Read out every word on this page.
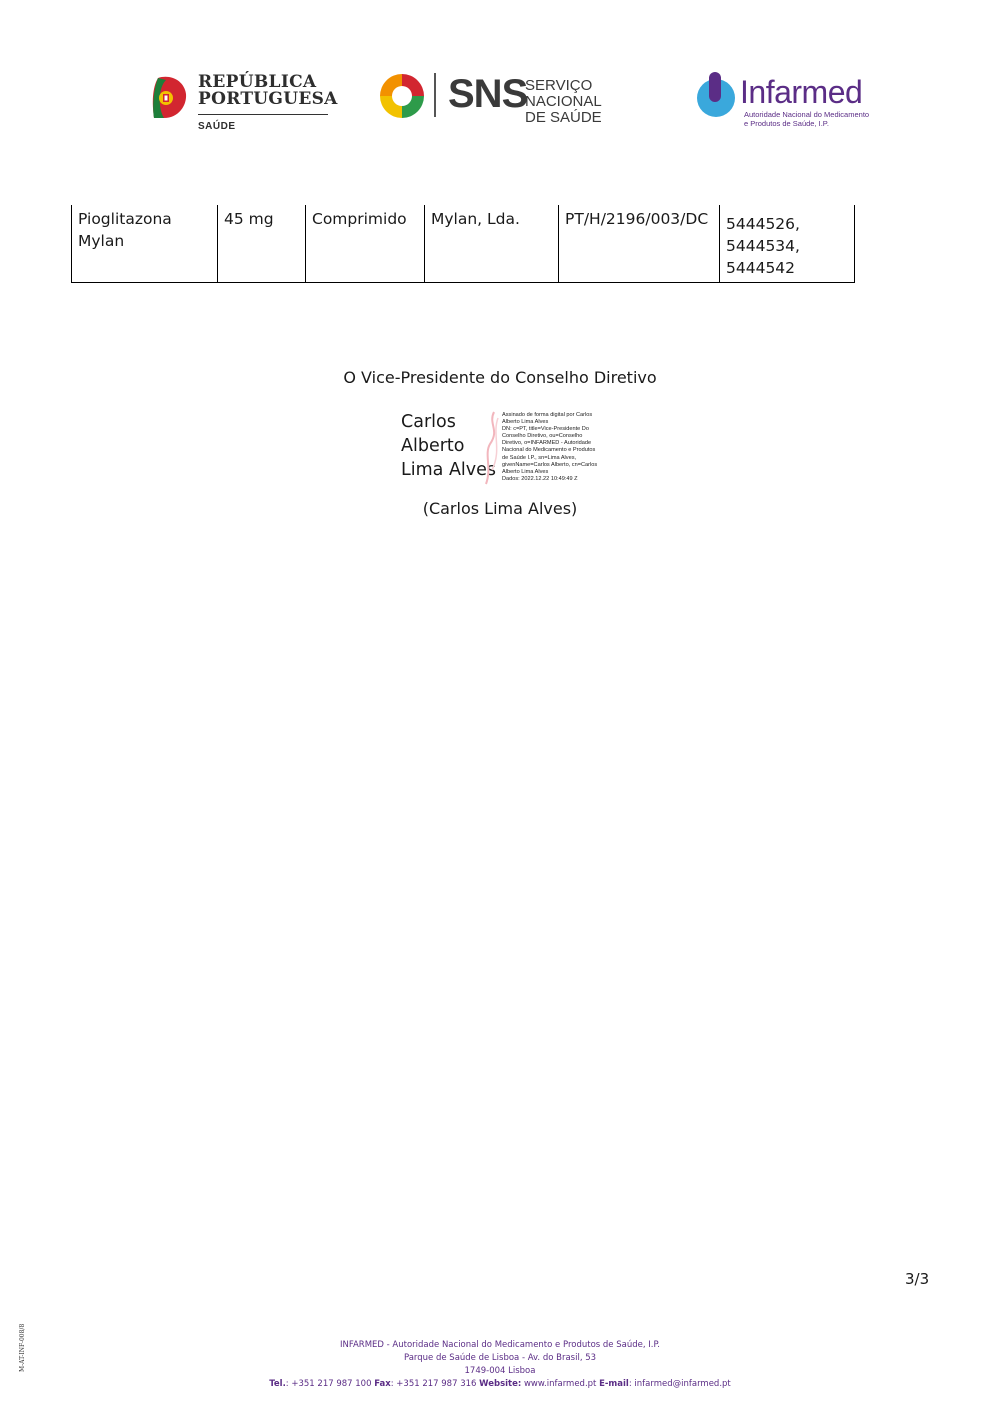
REPÚBLICA
PORTUGUESA
SAÚDE
SNS
SERVIÇO NACIONAL
DE SAÚDE
Infarmed
Autoridade Nacional do Medicamento
e Produtos de Saúde, I.P.
Pioglitazona
Mylan
	45 mg	Comprimido	Mylan, Lda.	PT/H/2196/003/DC	5444526,
5444534,
5444542
O Vice-Presidente do Conselho Diretivo
Carlos
Alberto
Lima Alves
Assinado de forma digital por Carlos
Alberto Lima Alves
DN: c=PT, title=Vice-Presidente Do
Conselho Diretivo, ou=Conselho
Diretivo, o=INFARMED - Autoridade
Nacional do Medicamento e Produtos
de Saúde I.P., sn=Lima Alves,
givenName=Carlos Alberto, cn=Carlos
Alberto Lima Alves
Dados: 2022.12.22 10:49:49 Z
(Carlos Lima Alves)
3/3
M-AT-INF-008/8	INFARMED - Autoridade Nacional do Medicamento e Produtos de Saúde, I.P.
Parque de Saúde de Lisboa - Av. do Brasil, 53
1749-004 Lisboa
Tel.: +351 217 987 100 Fax: +351 217 987 316 Website: www.infarmed.pt E-mail: infarmed@infarmed.pt
